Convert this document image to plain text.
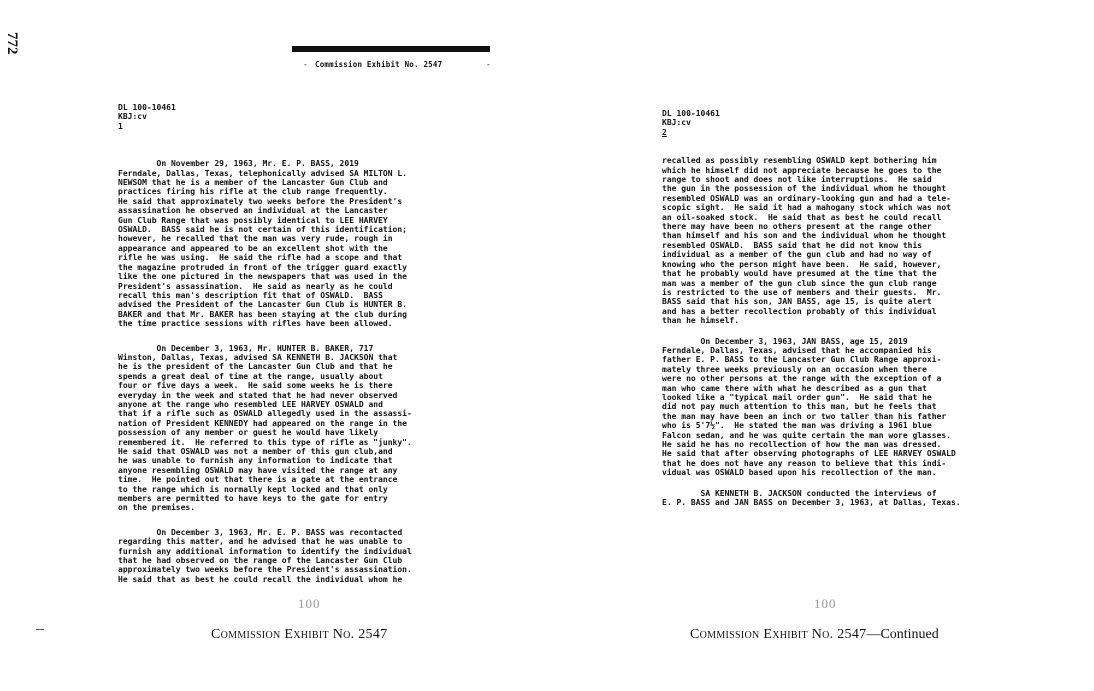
772
- Commission Exhibit No. 2547	-
DL 100-10461
KBJ:cv
1
On November 29, 1963, Mr. E. P. BASS, 2019
Ferndale, Dallas, Texas, telephonically advised SA MILTON L.
NEWSOM that he is a member of the Lancaster Gun Club and
practices firing his rifle at the club range frequently.
He said that approximately two weeks before the President's
assassination he observed an individual at the Lancaster
Gun Club Range that was possibly identical to LEE HARVEY
OSWALD.  BASS said he is not certain of this identification;
however, he recalled that the man was very rude, rough in
appearance and appeared to be an excellent shot with the
rifle he was using.  He said the rifle had a scope and that
the magazine protruded in front of the trigger guard exactly
like the one pictured in the newspapers that was used in the
President's assassination.  He said as nearly as he could
recall this man's description fit that of OSWALD.  BASS
advised the President of the Lancaster Gun Club is HUNTER B.
BAKER and that Mr. BAKER has been staying at the club during
the time practice sessions with rifles have been allowed.
On December 3, 1963, Mr. HUNTER B. BAKER, 717
Winston, Dallas, Texas, advised SA KENNETH B. JACKSON that
he is the president of the Lancaster Gun Club and that he
spends a great deal of time at the range, usually about
four or five days a week.  He said some weeks he is there
everyday in the week and stated that he had never observed
anyone at the range who resembled LEE HARVEY OSWALD and
that if a rifle such as OSWALD allegedly used in the assassi-
nation of President KENNEDY had appeared on the range in the
possession of any member or guest he would have likely
remembered it.  He referred to this type of rifle as "junky".
He said that OSWALD was not a member of this gun club,and
he was unable to furnish any information to indicate that
anyone resembling OSWALD may have visited the range at any
time.  He pointed out that there is a gate at the entrance
to the range which is normally kept locked and that only
members are permitted to have keys to the gate for entry
on the premises.
On December 3, 1963, Mr. E. P. BASS was recontacted
regarding this matter, and he advised that he was unable to
furnish any additional information to identify the individual
that he had observed on the range of the Lancaster Gun Club
approximately two weeks before the President's assassination.
He said that as best he could recall the individual whom he
DL 100-10461
KBJ:cv
2
recalled as possibly resembling OSWALD kept bothering him
which he himself did not appreciate because he goes to the
range to shoot and does not like interruptions.  He said
the gun in the possession of the individual whom he thought
resembled OSWALD was an ordinary-looking gun and had a tele-
scopic sight.  He said it had a mahogany stock which was not
an oil-soaked stock.  He said that as best he could recall
there may have been no others present at the range other
than himself and his son and the individual whom he thought
resembled OSWALD.  BASS said that he did not know this
individual as a member of the gun club and had no way of
knowing who the person might have been.  He said, however,
that he probably would have presumed at the time that the
man was a member of the gun club since the gun club range
is restricted to the use of members and their guests.  Mr.
BASS said that his son, JAN BASS, age 15, is quite alert
and has a better recollection probably of this individual
than he himself.
On December 3, 1963, JAN BASS, age 15, 2019
Ferndale, Dallas, Texas, advised that he accompanied his
father E. P. BASS to the Lancaster Gun Club Range approxi-
mately three weeks previously on an occasion when there
were no other persons at the range with the exception of a
man who came there with what he described as a gun that
looked like a "typical mail order gun".  He said that he
did not pay much attention to this man, but he feels that
the man may have been an inch or two taller than his father
who is 5'7½".  He stated the man was driving a 1961 blue
Falcon sedan, and he was quite certain the man wore glasses.
He said he has no recollection of how the man was dressed.
He said that after observing photographs of LEE HARVEY OSWALD
that he does not have any reason to believe that this indi-
vidual was OSWALD based upon his recollection of the man.
SA KENNETH B. JACKSON conducted the interviews of
E. P. BASS and JAN BASS on December 3, 1963, at Dallas, Texas.
100	100
Commission Exhibit No. 2547	Commission Exhibit No. 2547—Continued
